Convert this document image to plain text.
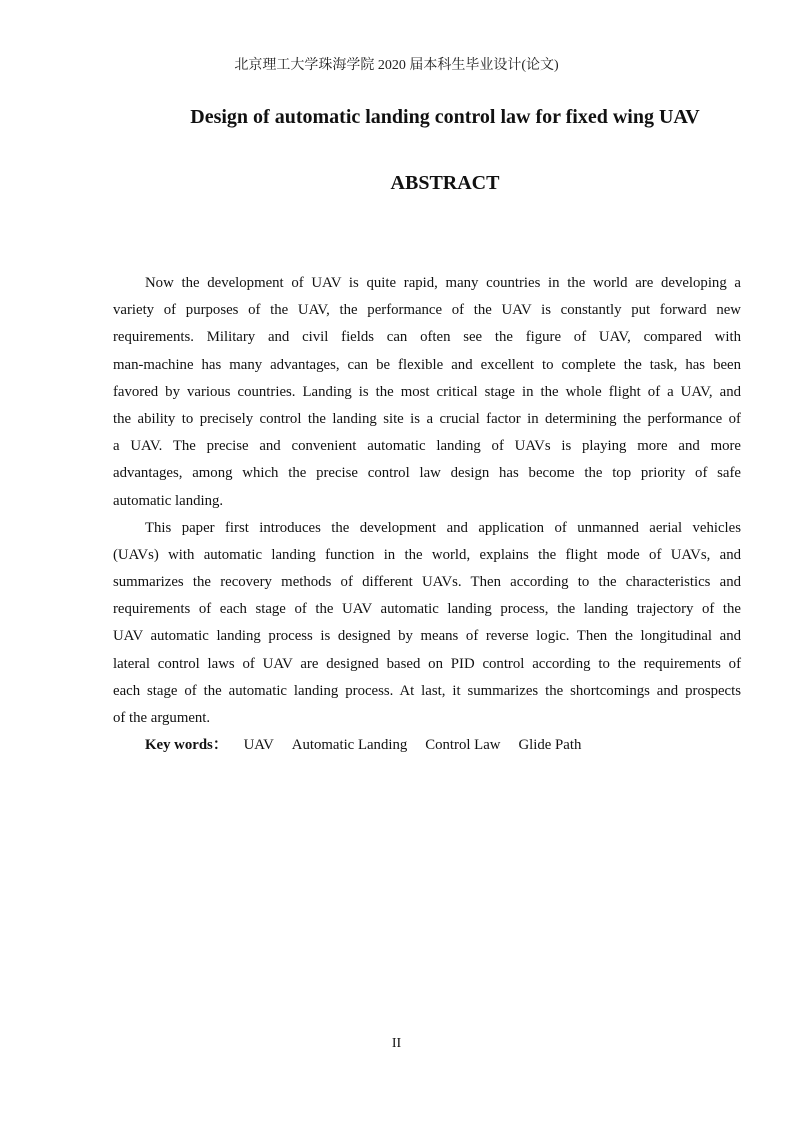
北京理工大学珠海学院 2020 届本科生毕业设计(论文)
Design of automatic landing control law for fixed wing UAV
ABSTRACT

Now the development of UAV is quite rapid, many countries in the world are developing a
variety of purposes of the UAV, the performance of the UAV is constantly put forward new
requirements. Military and civil fields can often see the figure of UAV, compared with
man-machine has many advantages, can be flexible and excellent to complete the task, has been
favored by various countries. Landing is the most critical stage in the whole flight of a UAV, and
the ability to precisely control the landing site is a crucial factor in determining the performance of
a UAV. The precise and convenient automatic landing of UAVs is playing more and more
advantages, among which the precise control law design has become the top priority of safe
automatic landing.

This paper first introduces the development and application of unmanned aerial vehicles
(UAVs) with automatic landing function in the world, explains the flight mode of UAVs, and
summarizes the recovery methods of different UAVs. Then according to the characteristics and
requirements of each stage of the UAV automatic landing process, the landing trajectory of the
UAV automatic landing process is designed by means of reverse logic. Then the longitudinal and
lateral control laws of UAV are designed based on PID control according to the requirements of
each stage of the automatic landing process. At last, it summarizes the shortcomings and prospects
of the argument.

Key words： UAV Automatic Landing Control Law Glide Path
II
